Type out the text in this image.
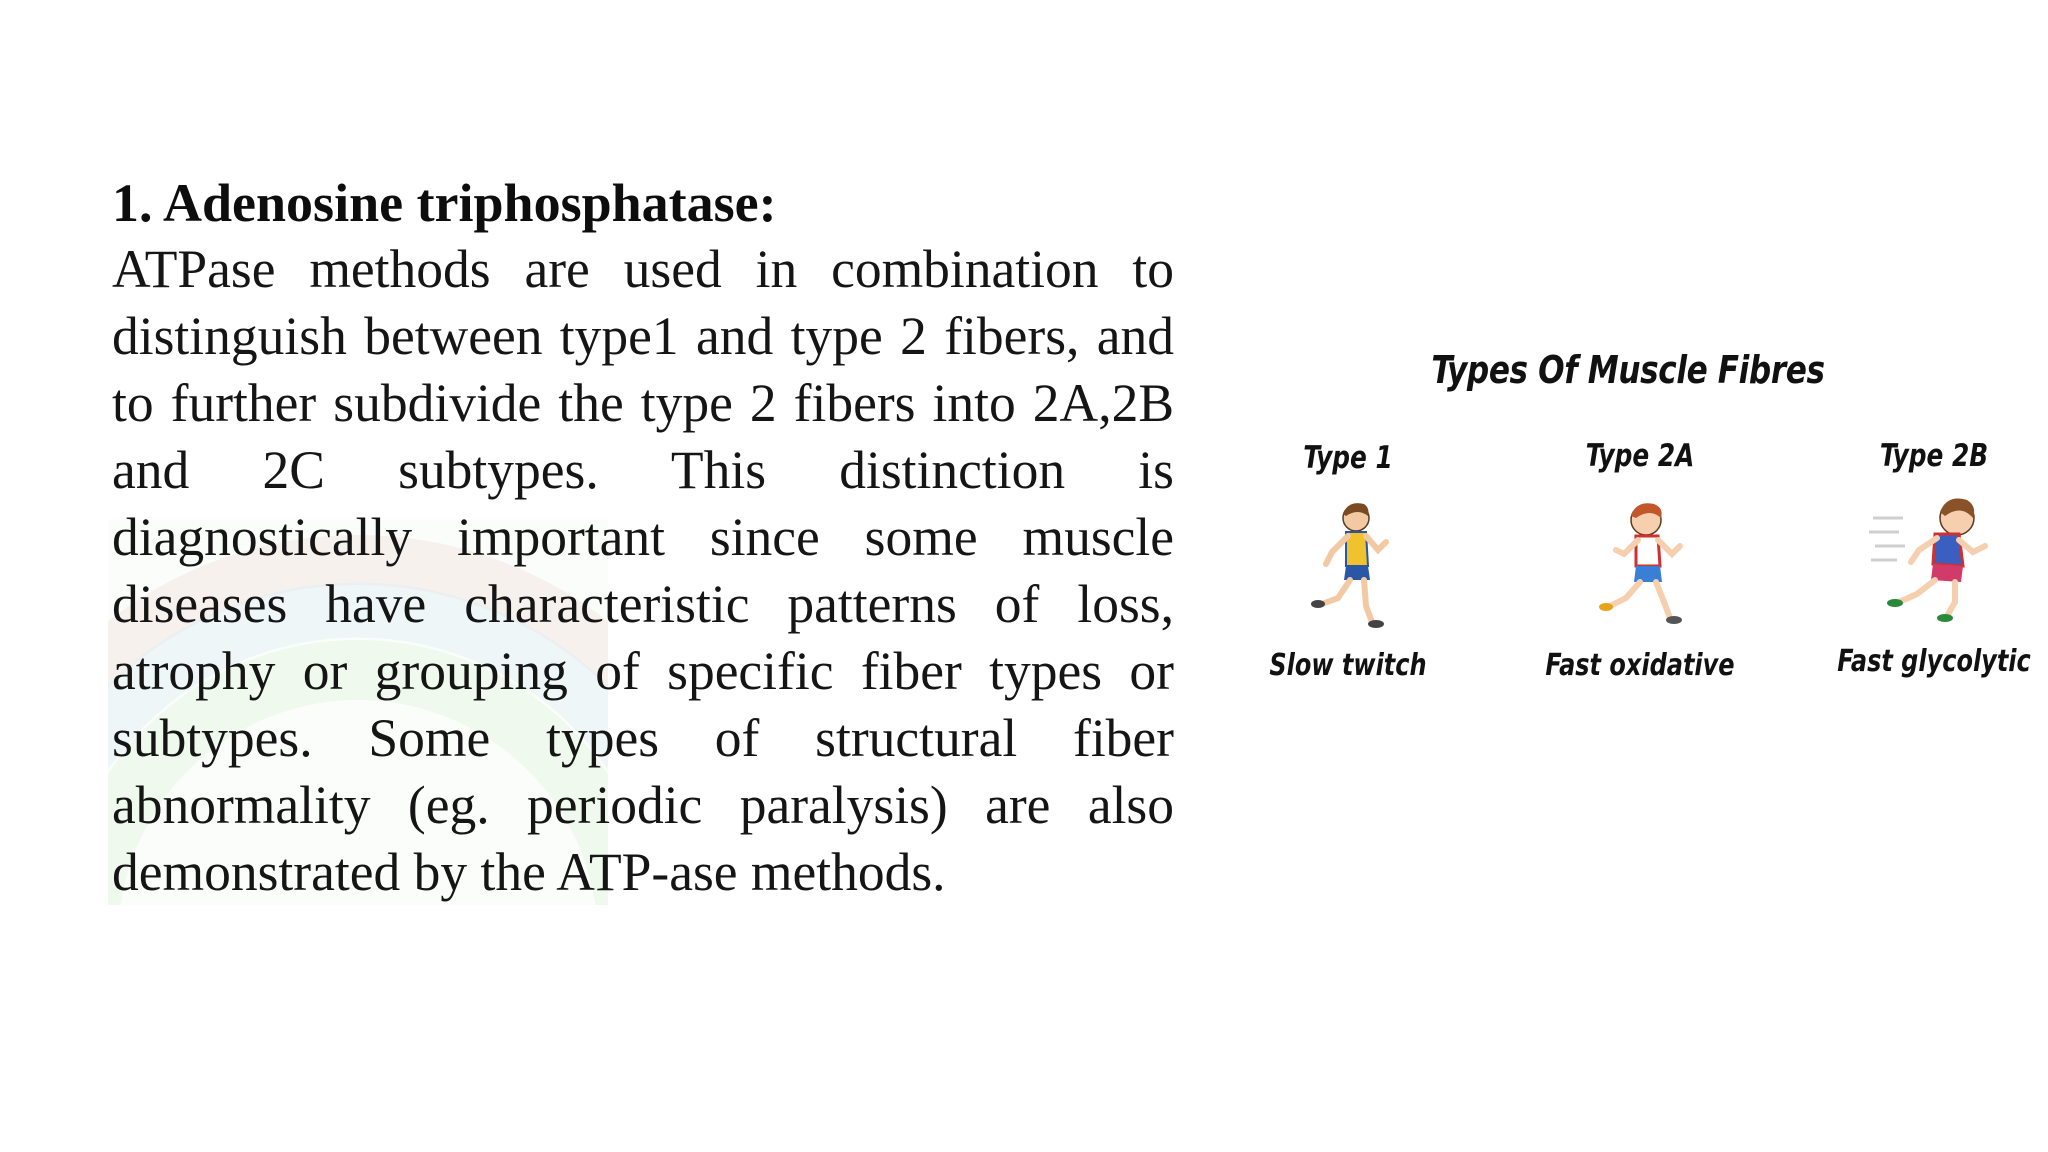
1. Adenosine triphosphatase:

ATPase methods are used in combination to distinguish between type1 and type 2 fibers, and to further subdivide the type 2 fibers into 2A,2B and 2C subtypes. This distinction is diagnostically important since some muscle diseases have characteristic patterns of loss, atrophy or grouping of specific fiber types or subtypes. Some types of structural fiber abnormality (eg. periodic paralysis) are also demonstrated by the ATP-ase methods.

Types Of Muscle Fibres
Type 1
Slow twitch
Type 2A
Fast oxidative
Type 2B
Fast glycolytic
